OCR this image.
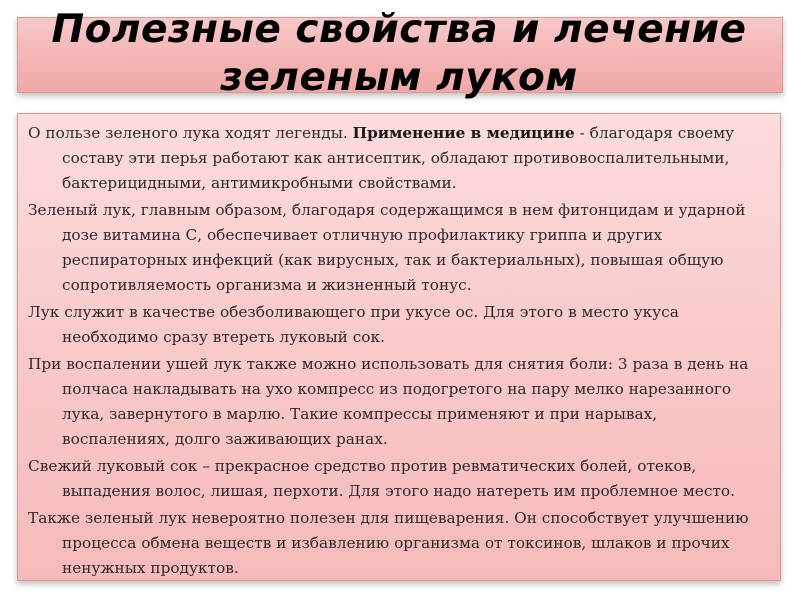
Полезные свойства и лечение зеленым луком

О пользе зеленого лука ходят легенды. Применение в медицине - благодаря своему составу эти перья работают как антисептик, обладают противовоспалительными, бактерицидными, антимикробными свойствами.

Зеленый лук, главным образом, благодаря содержащимся в нем фитонцидам и ударной дозе витамина С, обеспечивает отличную профилактику гриппа и других респираторных инфекций (как вирусных, так и бактериальных), повышая общую сопротивляемость организма и жизненный тонус.

Лук служит в качестве обезболивающего при укусе ос. Для этого в место укуса необходимо сразу втереть луковый сок.

При воспалении ушей лук также можно использовать для снятия боли: 3 раза в день на полчаса накладывать на ухо компресс из подогретого на пару мелко нарезанного лука, завернутого в марлю. Такие компрессы применяют и при нарывах, воспалениях, долго заживающих ранах.

Свежий луковый сок – прекрасное средство против ревматических болей, отеков, выпадения волос, лишая, перхоти. Для этого надо натереть им проблемное место.

Также зеленый лук невероятно полезен для пищеварения. Он способствует улучшению процесса обмена веществ и избавлению организма от токсинов, шлаков и прочих ненужных продуктов.
